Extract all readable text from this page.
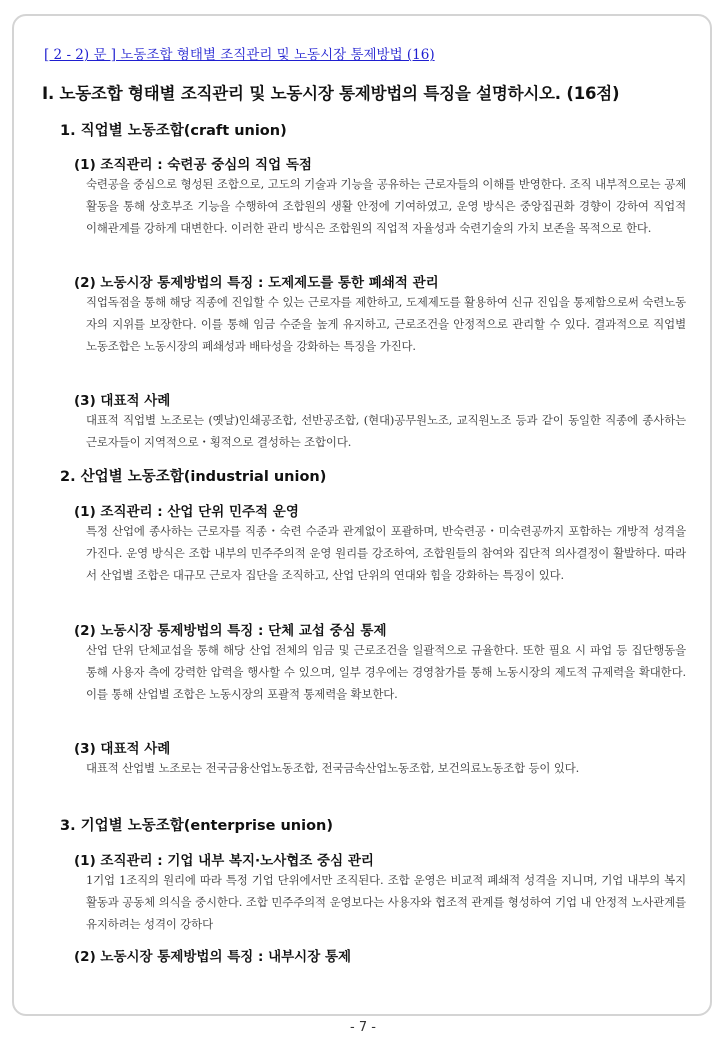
[ 2 - 2) 문 ] 노동조합 형태별 조직관리 및 노동시장 통제방법 (16)
Ⅰ. 노동조합 형태별 조직관리 및 노동시장 통제방법의 특징을 설명하시오. (16점)
1. 직업별 노동조합(craft union)
(1) 조직관리 : 숙련공 중심의 직업 독점
숙련공을 중심으로 형성된 조합으로, 고도의 기술과 기능을 공유하는 근로자들의 이해를 반영한다. 조직 내부적으로는 공제활동을 통해 상호부조 기능을 수행하여 조합원의 생활 안정에 기여하였고, 운영 방식은 중앙집권화 경향이 강하여 직업적 이해관계를 강하게 대변한다. 이러한 관리 방식은 조합원의 직업적 자율성과 숙련기술의 가치 보존을 목적으로 한다.
(2) 노동시장 통제방법의 특징 : 도제제도를 통한 폐쇄적 관리
직업독점을 통해 해당 직종에 진입할 수 있는 근로자를 제한하고, 도제제도를 활용하여 신규 진입을 통제함으로써 숙련노동자의 지위를 보장한다. 이를 통해 임금 수준을 높게 유지하고, 근로조건을 안정적으로 관리할 수 있다. 결과적으로 직업별 노동조합은 노동시장의 폐쇄성과 배타성을 강화하는 특징을 가진다.
(3) 대표적 사례
대표적 직업별 노조로는 (옛날)인쇄공조합, 선반공조합, (현대)공무원노조, 교직원노조 등과 같이 동일한 직종에 종사하는 근로자들이 지역적으로・횡적으로 결성하는 조합이다.
2. 산업별 노동조합(industrial union)
(1) 조직관리 : 산업 단위 민주적 운영
특정 산업에 종사하는 근로자를 직종・숙련 수준과 관계없이 포괄하며, 반숙련공・미숙련공까지 포함하는 개방적 성격을 가진다. 운영 방식은 조합 내부의 민주주의적 운영 원리를 강조하여, 조합원들의 참여와 집단적 의사결정이 활발하다. 따라서 산업별 조합은 대규모 근로자 집단을 조직하고, 산업 단위의 연대와 힘을 강화하는 특징이 있다.
(2) 노동시장 통제방법의 특징 : 단체 교섭 중심 통제
산업 단위 단체교섭을 통해 해당 산업 전체의 임금 및 근로조건을 일괄적으로 규율한다. 또한 필요 시 파업 등 집단행동을 통해 사용자 측에 강력한 압력을 행사할 수 있으며, 일부 경우에는 경영참가를 통해 노동시장의 제도적 규제력을 확대한다. 이를 통해 산업별 조합은 노동시장의 포괄적 통제력을 확보한다.
(3) 대표적 사례
대표적 산업별 노조로는 전국금융산업노동조합, 전국금속산업노동조합, 보건의료노동조합 등이 있다.
3. 기업별 노동조합(enterprise union)
(1) 조직관리 : 기업 내부 복지·노사협조 중심 관리
1기업 1조직의 원리에 따라 특정 기업 단위에서만 조직된다. 조합 운영은 비교적 폐쇄적 성격을 지니며, 기업 내부의 복지활동과 공동체 의식을 중시한다. 조합 민주주의적 운영보다는 사용자와 협조적 관계를 형성하여 기업 내 안정적 노사관계를 유지하려는 성격이 강하다
(2) 노동시장 통제방법의 특징 : 내부시장 통제
- 7 -
